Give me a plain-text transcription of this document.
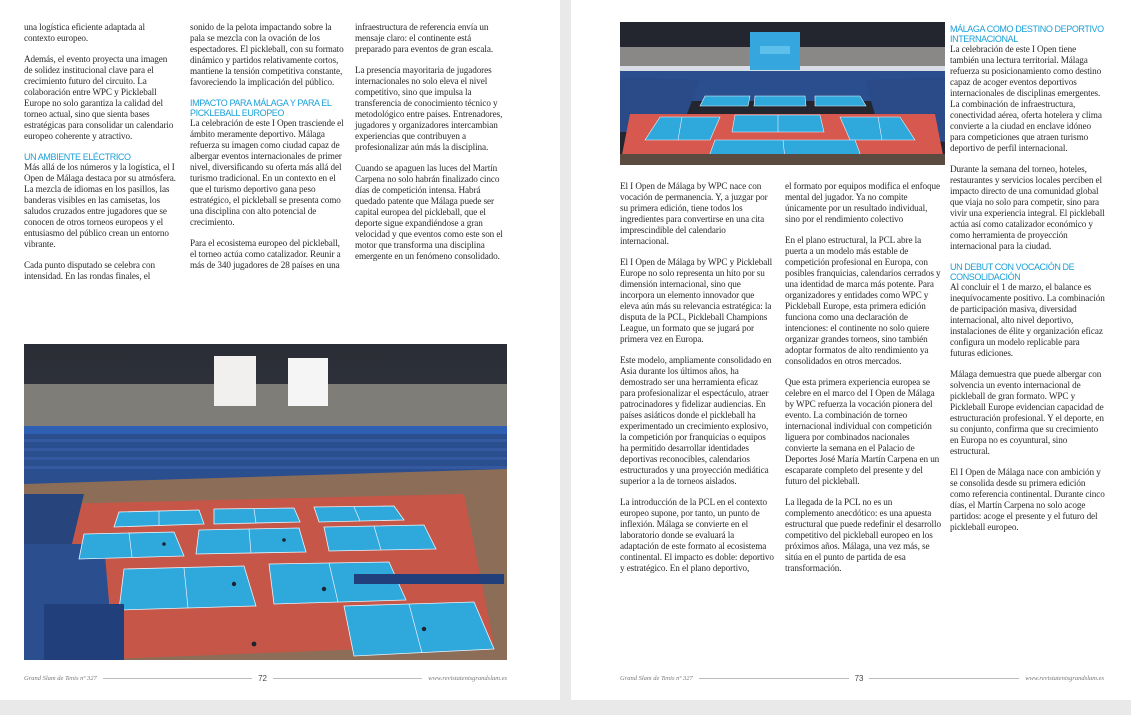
una logística eficiente adaptada al contexto europeo.

Además, el evento proyecta una imagen de solidez institucional clave para el crecimiento futuro del circuito. La colaboración entre WPC y Pickleball Europe no solo garantiza la calidad del torneo actual, sino que sienta bases estratégicas para consolidar un calendario europeo coherente y atractivo.

UN AMBIENTE ELÉCTRICO

Más allá de los números y la logística, el I Open de Málaga destaca por su atmósfera. La mezcla de idiomas en los pasillos, las banderas visibles en las camisetas, los saludos cruzados entre jugadores que se conocen de otros torneos europeos y el entusiasmo del público crean un entorno vibrante.

Cada punto disputado se celebra con intensidad. En las rondas finales, el

sonido de la pelota impactando sobre la pala se mezcla con la ovación de los espectadores. El pickleball, con su formato dinámico y partidos relativamente cortos, mantiene la tensión competitiva constante, favoreciendo la implicación del público.

IMPACTO PARA MÁLAGA Y PARA EL PICKLEBALL EUROPEO

La celebración de este I Open trasciende el ámbito meramente deportivo. Málaga refuerza su imagen como ciudad capaz de albergar eventos internacionales de primer nivel, diversificando su oferta más allá del turismo tradicional. En un contexto en el que el turismo deportivo gana peso estratégico, el pickleball se presenta como una disciplina con alto potencial de crecimiento.

Para el ecosistema europeo del pickleball, el torneo actúa como catalizador. Reunir a más de 340 jugadores de 28 países en una

infraestructura de referencia envía un mensaje claro: el continente está preparado para eventos de gran escala.

La presencia mayoritaria de jugadores internacionales no solo eleva el nivel competitivo, sino que impulsa la transferencia de conocimiento técnico y metodológico entre países. Entrenadores, jugadores y organizadores intercambian experiencias que contribuyen a profesionalizar aún más la disciplina.

Cuando se apaguen las luces del Martín Carpena no solo habrán finalizado cinco días de competición intensa. Habrá quedado patente que Málaga puede ser capital europea del pickleball, que el deporte sigue expandiéndose a gran velocidad y que eventos como este son el motor que transforma una disciplina emergente en un fenómeno consolidado.

Grand Slam de Tenis nº 327	72	www.revistatenisgrandslam.es

El I Open de Málaga by WPC nace con vocación de permanencia. Y, a juzgar por su primera edición, tiene todos los ingredientes para convertirse en una cita imprescindible del calendario internacional.

El I Open de Málaga by WPC y Pickleball Europe no solo representa un hito por su dimensión internacional, sino que incorpora un elemento innovador que eleva aún más su relevancia estratégica: la disputa de la PCL, Pickleball Champions League, un formato que se jugará por primera vez en Europa.

Este modelo, ampliamente consolidado en Asia durante los últimos años, ha demostrado ser una herramienta eficaz para profesionalizar el espectáculo, atraer patrocinadores y fidelizar audiencias. En países asiáticos donde el pickleball ha experimentado un crecimiento explosivo, la competición por franquicias o equipos ha permitido desarrollar identidades deportivas reconocibles, calendarios estructurados y una proyección mediática superior a la de torneos aislados.

La introducción de la PCL en el contexto europeo supone, por tanto, un punto de inflexión. Málaga se convierte en el laboratorio donde se evaluará la adaptación de este formato al ecosistema continental. El impacto es doble: deportivo y estratégico. En el plano deportivo,

el formato por equipos modifica el enfoque mental del jugador. Ya no compite únicamente por un resultado individual, sino por el rendimiento colectivo

En el plano estructural, la PCL abre la puerta a un modelo más estable de competición profesional en Europa, con posibles franquicias, calendarios cerrados y una identidad de marca más potente. Para organizadores y entidades como WPC y Pickleball Europe, esta primera edición funciona como una declaración de intenciones: el continente no solo quiere organizar grandes torneos, sino también adoptar formatos de alto rendimiento ya consolidados en otros mercados.

Que esta primera experiencia europea se celebre en el marco del I Open de Málaga by WPC refuerza la vocación pionera del evento. La combinación de torneo internacional individual con competición liguera por combinados nacionales convierte la semana en el Palacio de Deportes José María Martín Carpena en un escaparate completo del presente y del futuro del pickleball.

La llegada de la PCL no es un complemento anecdótico: es una apuesta estructural que puede redefinir el desarrollo competitivo del pickleball europeo en los próximos años. Málaga, una vez más, se sitúa en el punto de partida de esa transformación.

MÁLAGA COMO DESTINO DEPORTIVO INTERNACIONAL

La celebración de este I Open tiene también una lectura territorial. Málaga refuerza su posicionamiento como destino capaz de acoger eventos deportivos internacionales de disciplinas emergentes. La combinación de infraestructura, conectividad aérea, oferta hotelera y clima convierte a la ciudad en enclave idóneo para competiciones que atraen turismo deportivo de perfil internacional.

Durante la semana del torneo, hoteles, restaurantes y servicios locales perciben el impacto directo de una comunidad global que viaja no solo para competir, sino para vivir una experiencia integral. El pickleball actúa así como catalizador económico y como herramienta de proyección internacional para la ciudad.

UN DEBUT CON VOCACIÓN DE CONSOLIDACIÓN

Al concluir el 1 de marzo, el balance es inequívocamente positivo. La combinación de participación masiva, diversidad internacional, alto nivel deportivo, instalaciones de élite y organización eficaz configura un modelo replicable para futuras ediciones.

Málaga demuestra que puede albergar con solvencia un evento internacional de pickleball de gran formato. WPC y Pickleball Europe evidencian capacidad de estructuración profesional. Y el deporte, en su conjunto, confirma que su crecimiento en Europa no es coyuntural, sino estructural.

El I Open de Málaga nace con ambición y se consolida desde su primera edición como referencia continental. Durante cinco días, el Martín Carpena no solo acoge partidos: acoge el presente y el futuro del pickleball europeo.

Grand Slam de Tenis nº 327	73	www.revistatenisgrandslam.es
